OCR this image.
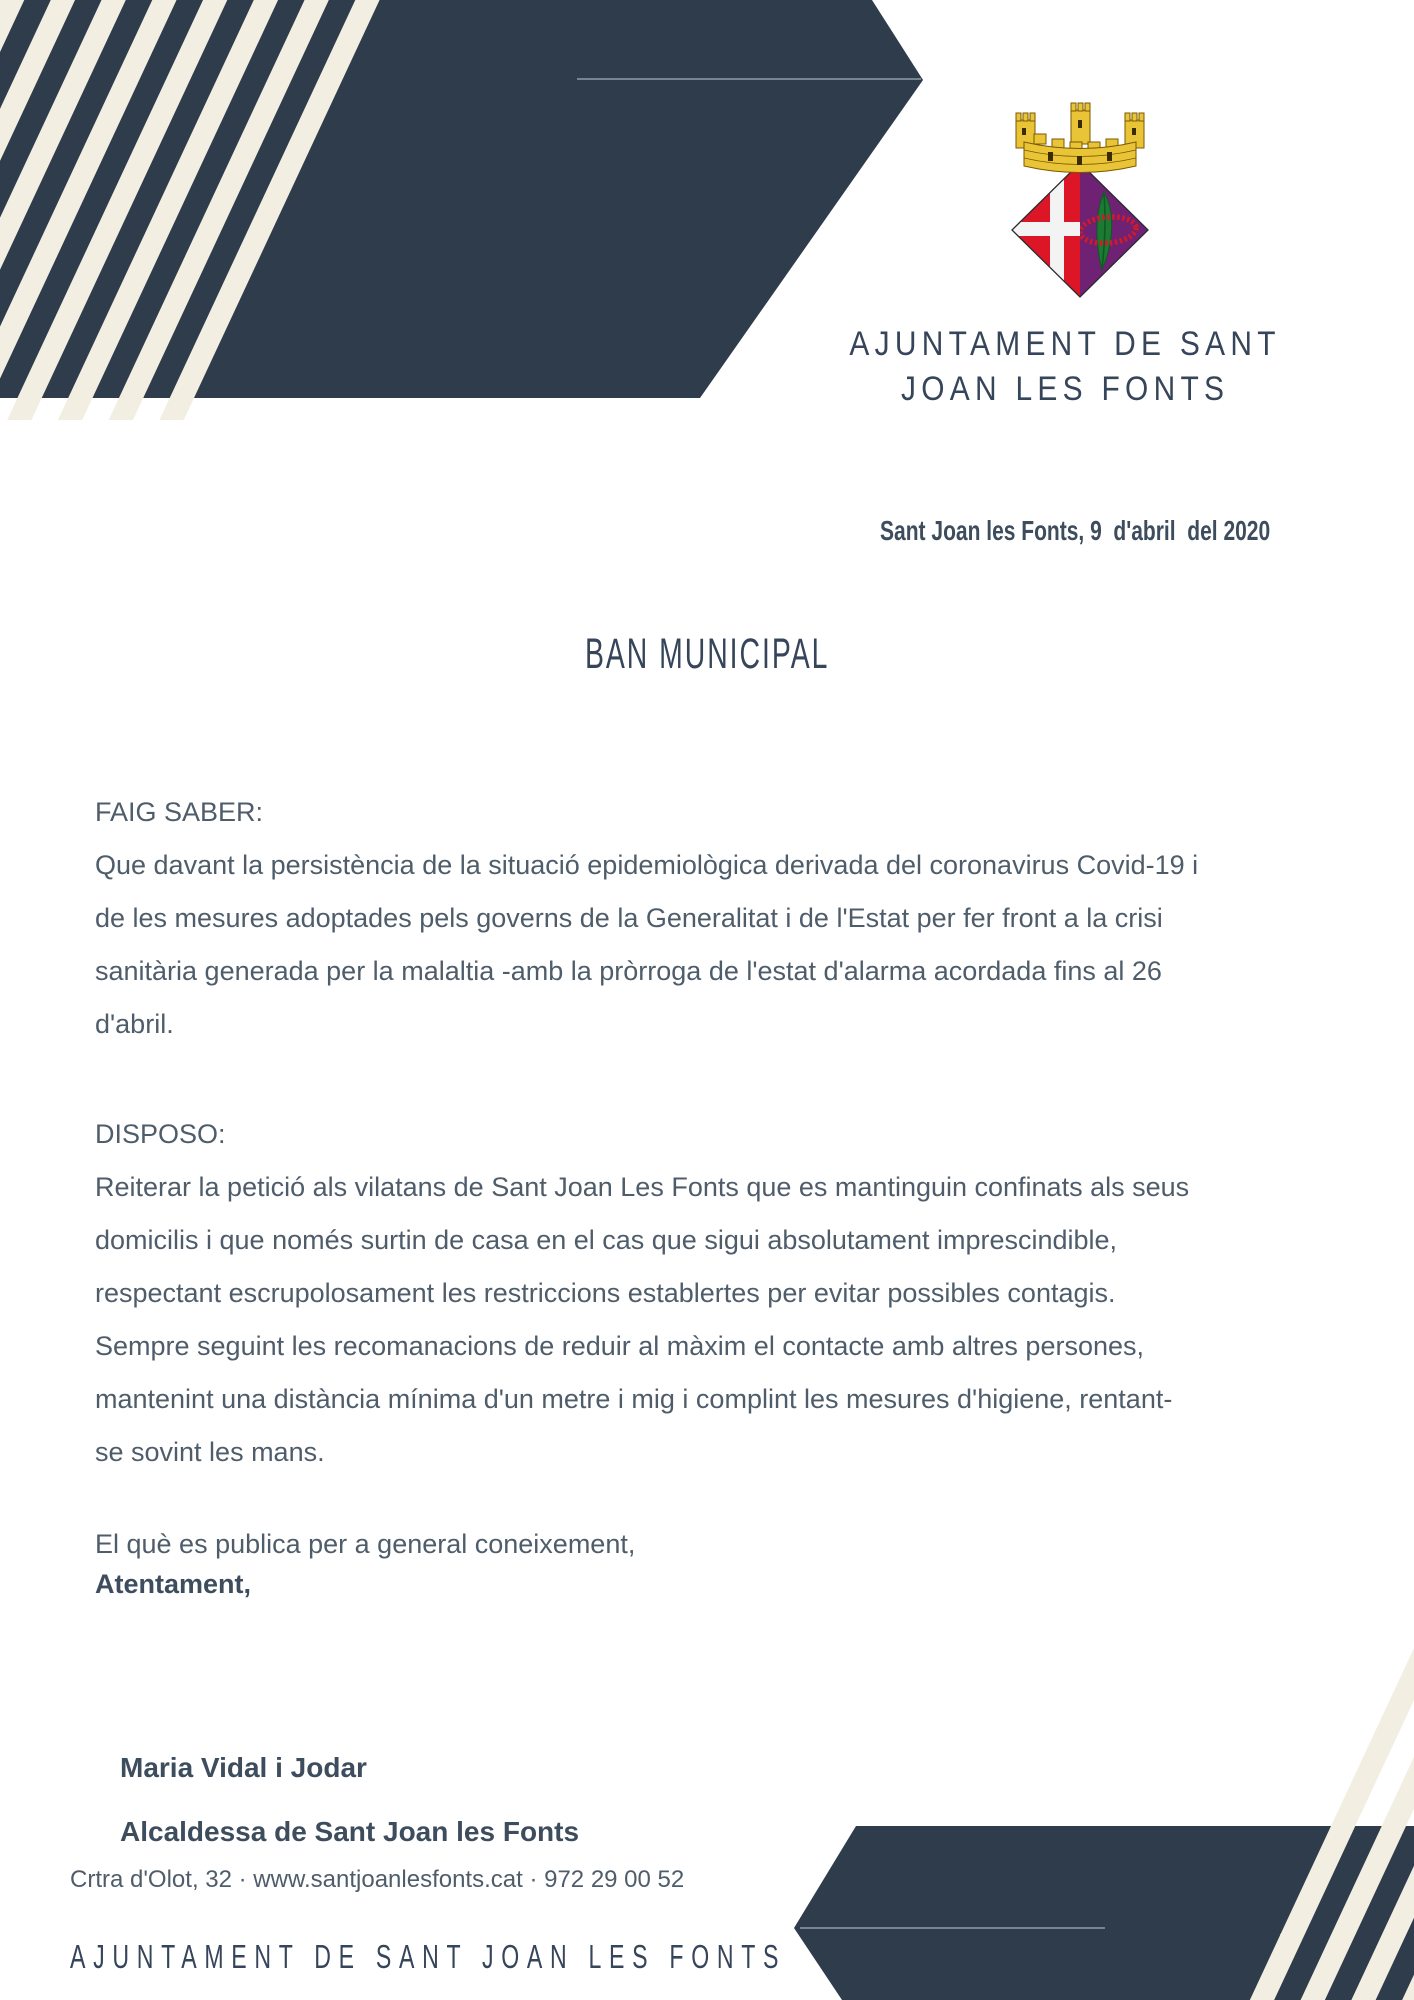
AJUNTAMENT DE SANT
JOAN LES FONTS

Sant Joan les Fonts, 9  d'abril  del 2020

BAN MUNICIPAL
FAIG SABER:
Que davant la persistència de la situació epidemiològica derivada del coronavirus Covid-19 i
de les mesures adoptades pels governs de la Generalitat i de l'Estat per fer front a la crisi
sanitària generada per la malaltia -amb la pròrroga de l'estat d'alarma acordada fins al 26
d'abril.
DISPOSO:
Reiterar la petició als vilatans de Sant Joan Les Fonts que es mantinguin confinats als seus
domicilis i que només surtin de casa en el cas que sigui absolutament imprescindible,
respectant escrupolosament les restriccions establertes per evitar possibles contagis.
Sempre seguint les recomanacions de reduir al màxim el contacte amb altres persones,
mantenint una distància mínima d'un metre i mig i complint les mesures d'higiene, rentant-
se sovint les mans.
El què es publica per a general coneixement,
Atentament,
Maria Vidal i Jodar
Alcaldessa de Sant Joan les Fonts
Crtra d'Olot, 32 · www.santjoanlesfonts.cat · 972 29 00 52
AJUNTAMENT DE SANT JOAN LES FONTS
